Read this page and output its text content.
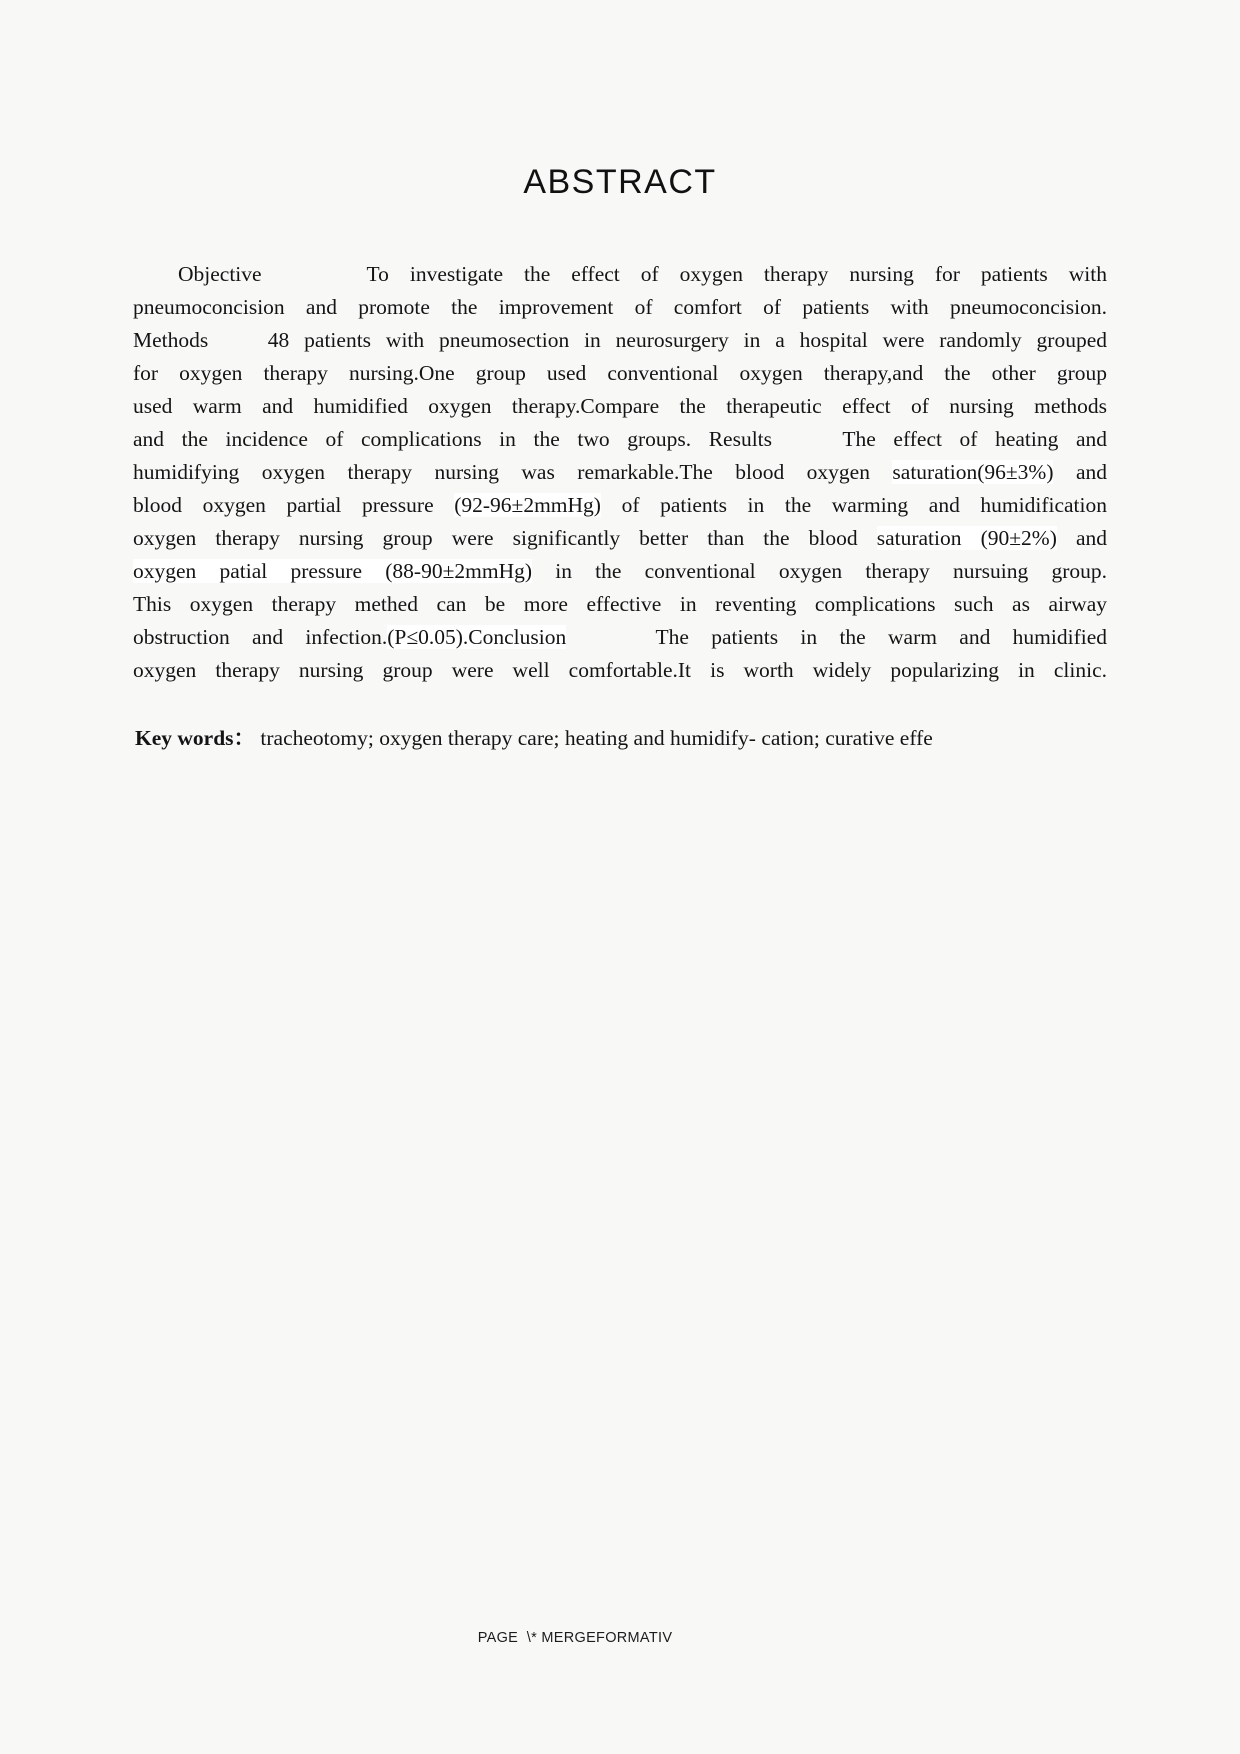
ABSTRACT
Objective     To investigate the effect of oxygen therapy nursing for patients with
pneumoconcision and promote the improvement of comfort of patients with pneumoconcision.
Methods    48 patients with pneumosection in neurosurgery in a hospital were randomly grouped
for oxygen therapy nursing.One group used conventional oxygen therapy,and the other group
used warm and humidified oxygen therapy.Compare the therapeutic effect of nursing methods
and the incidence of complications in the two groups. Results    The effect of heating and
humidifying oxygen therapy nursing was remarkable.The blood oxygen saturation(96±3%) and
blood oxygen partial pressure (92-96±2mmHg) of patients in the warming and humidification
oxygen therapy nursing group were significantly better than the blood saturation (90±2%) and
oxygen patial pressure (88-90±2mmHg) in the conventional oxygen therapy nursuing group.
This oxygen therapy methed can be more effective in reventing complications such as airway
obstruction and infection.(P≤0.05).Conclusion    The patients in the warm and humidified
oxygen therapy nursing group were well comfortable.It is worth widely popularizing in clinic.
Key words： tracheotomy; oxygen therapy care; heating and humidify- cation; curative effe
PAGE  \* MERGEFORMATIV
